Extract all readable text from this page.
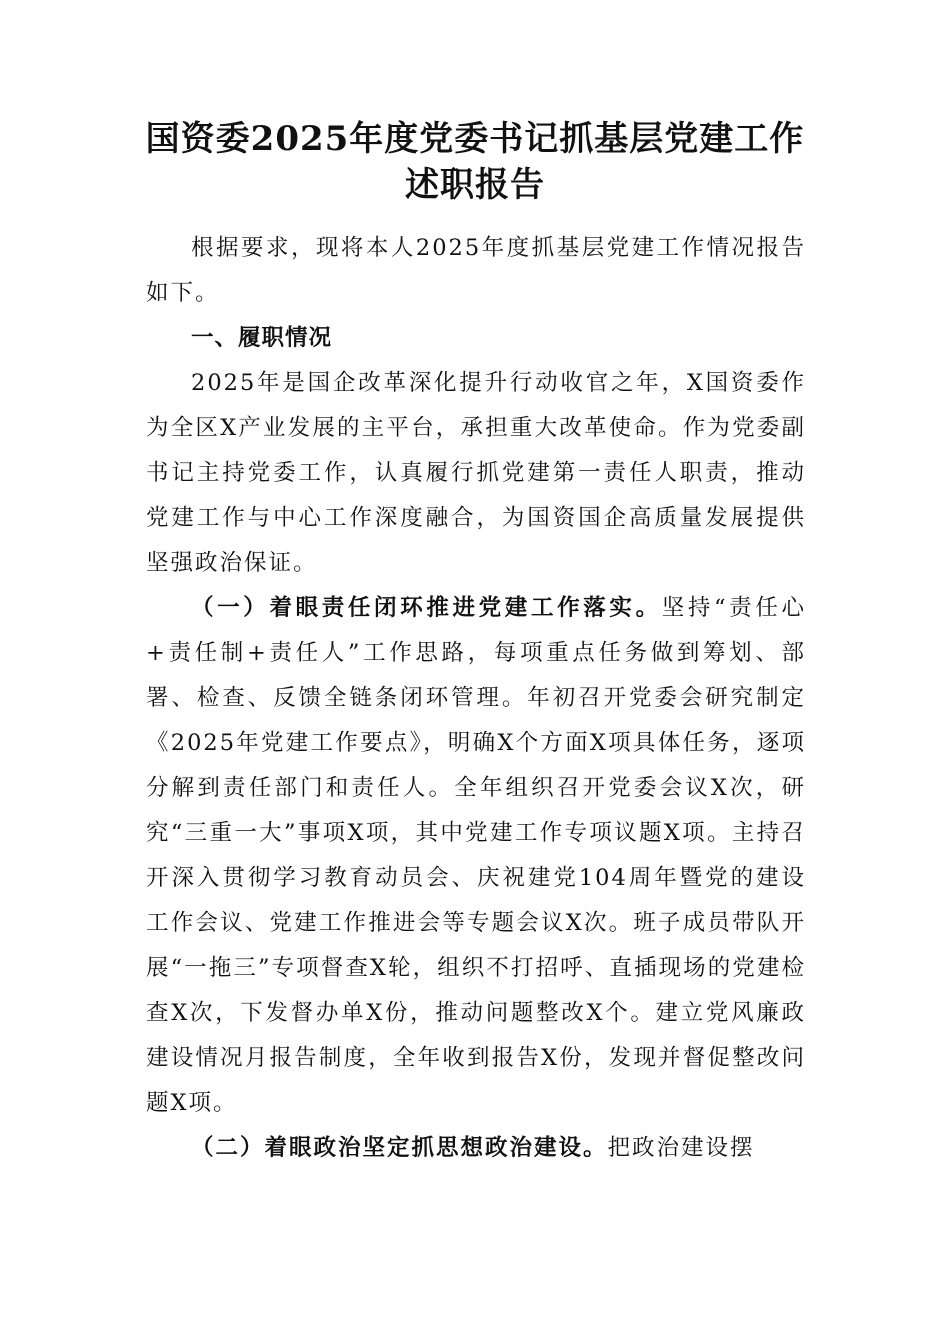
国资委2025年度党委书记抓基层党建工作
述职报告

根据要求，现将本人2025年度抓基层党建工作情况报告如下。

一、履职情况

2025年是国企改革深化提升行动收官之年，X国资委作为全区X产业发展的主平台，承担重大改革使命。作为党委副书记主持党委工作，认真履行抓党建第一责任人职责，推动党建工作与中心工作深度融合，为国资国企高质量发展提供坚强政治保证。

（一）着眼责任闭环推进党建工作落实。坚持“责任心+责任制+责任人”工作思路，每项重点任务做到筹划、部署、检查、反馈全链条闭环管理。年初召开党委会研究制定《2025年党建工作要点》，明确X个方面X项具体任务，逐项分解到责任部门和责任人。全年组织召开党委会议X次，研究“三重一大”事项X项，其中党建工作专项议题X项。主持召开深入贯彻学习教育动员会、庆祝建党104周年暨党的建设工作会议、党建工作推进会等专题会议X次。班子成员带队开展“一拖三”专项督查X轮，组织不打招呼、直插现场的党建检查X次，下发督办单X份，推动问题整改X个。建立党风廉政建设情况月报告制度，全年收到报告X份，发现并督促整改问题X项。

（二）着眼政治坚定抓思想政治建设。把政治建设摆
